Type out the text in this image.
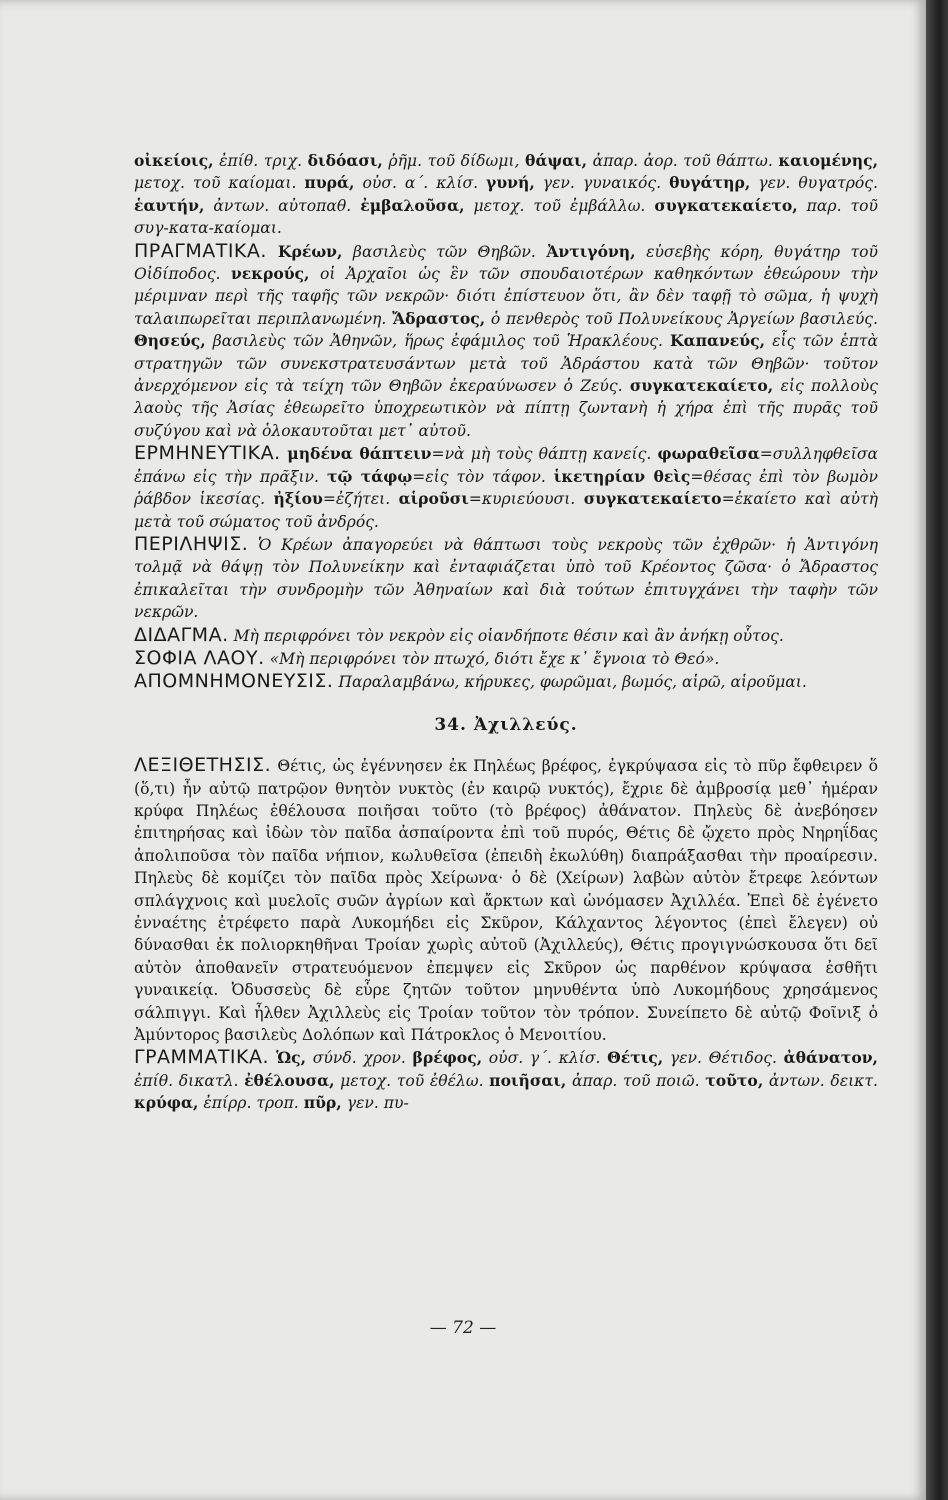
οἰκείοις, ἐπίθ. τριχ. διδόασι, ῥῆμ. τοῦ δίδωμι, θάψαι, ἀπαρ. ἀορ. τοῦ θάπτω. καιομένης, μετοχ. τοῦ καίομαι. πυρά, οὐσ. α΄. κλίσ. γυνή, γεν. γυναικός. θυγάτηρ, γεν. θυγατρός. ἑαυτήν, ἀντων. αὐτοπαθ. ἐμβαλοῦσα, μετοχ. τοῦ ἐμβάλλω. συγκατεκαίετο, παρ. τοῦ συγ-κατα-καίομαι.

ΠΡΑΓΜΑΤΙΚΑ. Κρέων, βασιλεὺς τῶν Θηβῶν. Ἀντιγόνη, εὐσεβὴς κόρη, θυγάτηρ τοῦ Οἰδίποδος. νεκρούς, οἱ Ἀρχαῖοι ὡς ἓν τῶν σπουδαιοτέρων καθηκόντων ἐθεώρουν τὴν μέριμναν περὶ τῆς ταφῆς τῶν νεκρῶν· διότι ἐπίστευον ὅτι, ἂν δὲν ταφῇ τὸ σῶμα, ἡ ψυχὴ ταλαιπωρεῖται περιπλανωμένη. Ἄδραστος, ὁ πενθερὸς τοῦ Πολυνείκους Ἀργείων βασιλεύς. Θησεύς, βασιλεὺς τῶν Ἀθηνῶν, ἥρως ἐφάμιλος τοῦ Ἡρακλέους. Καπανεύς, εἷς τῶν ἑπτὰ στρατηγῶν τῶν συνεκστρατευσάντων μετὰ τοῦ Ἀδράστου κατὰ τῶν Θηβῶν· τοῦτον ἀνερχόμενον εἰς τὰ τείχη τῶν Θηβῶν ἐκεραύνωσεν ὁ Ζεύς. συγκατεκαίετο, εἰς πολλοὺς λαοὺς τῆς Ἀσίας ἐθεωρεῖτο ὑποχρεωτικὸν νὰ πίπτῃ ζωντανὴ ἡ χήρα ἐπὶ τῆς πυρᾶς τοῦ συζύγου καὶ νὰ ὁλοκαυτοῦται μετ᾽ αὐτοῦ.

ΕΡΜΗΝΕΥΤΙΚΑ. μηδένα θάπτειν=νὰ μὴ τοὺς θάπτῃ κανείς. φωραθεῖσα=συλληφθεῖσα ἐπάνω εἰς τὴν πρᾶξιν. τῷ τάφῳ=εἰς τὸν τάφον. ἱκετηρίαν θεὶς=θέσας ἐπὶ τὸν βωμὸν ῥάβδον ἱκεσίας. ἠξίου=ἐζήτει. αἱροῦσι=κυριεύουσι. συγκατεκαίετο=ἐκαίετο καὶ αὐτὴ μετὰ τοῦ σώματος τοῦ ἀνδρός.

ΠΕΡΙΛΗΨΙΣ. Ὁ Κρέων ἀπαγορεύει νὰ θάπτωσι τοὺς νεκροὺς τῶν ἐχθρῶν· ἡ Ἀντιγόνη τολμᾷ νὰ θάψῃ τὸν Πολυνείκην καὶ ἐνταφιάζεται ὑπὸ τοῦ Κρέοντος ζῶσα· ὁ Ἄδραστος ἐπικαλεῖται τὴν συνδρομὴν τῶν Ἀθηναίων καὶ διὰ τούτων ἐπιτυγχάνει τὴν ταφὴν τῶν νεκρῶν.

ΔΙΔΑΓΜΑ. Μὴ περιφρόνει τὸν νεκρὸν εἰς οἱανδήποτε θέσιν καὶ ἂν ἀνήκῃ οὗτος.

ΣΟΦΙΑ ΛΑΟΥ. «Μὴ περιφρόνει τὸν πτωχό, διότι ἔχε κ᾽ ἔγνοια τὸ Θεό».

ΑΠΟΜΝΗΜΟΝΕΥΣΙΣ. Παραλαμβάνω, κήρυκες, φωρῶμαι, βωμός, αἱρῶ, αἱροῦμαι.

34. Ἀχιλλεύς.

ΛΕΞΙΘΕΤΗΣΙΣ. Θέτις, ὡς ἐγέννησεν ἐκ Πηλέως βρέφος, ἐγκρύψασα εἰς τὸ πῦρ ἔφθειρεν ὅ (ὅ,τι) ἦν αὐτῷ πατρῷον θνητὸν νυκτὸς (ἐν καιρῷ νυκτός), ἔχριε δὲ ἀμβροσίᾳ μεθ᾽ ἡμέραν κρύφα Πηλέως ἐθέλουσα ποιῆσαι τοῦτο (τὸ βρέφος) ἀθάνατον. Πηλεὺς δὲ ἀνεβόησεν ἐπιτηρήσας καὶ ἰδὼν τὸν παῖδα ἀσπαίροντα ἐπὶ τοῦ πυρός, Θέτις δὲ ᾤχετο πρὸς Νηρηΐδας ἀπολιποῦσα τὸν παῖδα νήπιον, κωλυθεῖσα (ἐπειδὴ ἐκωλύθη) διαπράξασθαι τὴν προαίρεσιν. Πηλεὺς δὲ κομίζει τὸν παῖδα πρὸς Χείρωνα· ὁ δὲ (Χείρων) λαβὼν αὐτὸν ἔτρεφε λεόντων σπλάγχνοις καὶ μυελοῖς συῶν ἀγρίων καὶ ἄρκτων καὶ ὠνόμασεν Ἀχιλλέα. Ἐπεὶ δὲ ἐγένετο ἐνναέτης ἐτρέφετο παρὰ Λυκομήδει εἰς Σκῦρον, Κάλχαντος λέγοντος (ἐπεὶ ἔλεγεν) οὐ δύνασθαι ἐκ πολιορκηθῆναι Τροίαν χωρὶς αὐτοῦ (Ἀχιλλεύς), Θέτις προγιγνώσκουσα ὅτι δεῖ αὐτὸν ἀποθανεῖν στρατευόμενον ἐπεμψεν εἰς Σκῦρον ὡς παρθένον κρύψασα ἐσθῆτι γυναικείᾳ. Ὀδυσσεὺς δὲ εὗρε ζητῶν τοῦτον μηνυθέντα ὑπὸ Λυκομήδους χρησάμενος σάλπιγγι. Καὶ ἦλθεν Ἀχιλλεὺς εἰς Τροίαν τοῦτον τὸν τρόπον. Συνείπετο δὲ αὐτῷ Φοῖνιξ ὁ Ἀμύντορος βασιλεὺς Δολόπων καὶ Πάτροκλος ὁ Μενοιτίου.

ΓΡΑΜΜΑΤΙΚΑ. Ὡς, σύνδ. χρον. βρέφος, οὐσ. γ΄. κλίσ. Θέτις, γεν. Θέτιδος. ἀθάνατον, ἐπίθ. δικατλ. ἐθέλουσα, μετοχ. τοῦ ἐθέλω. ποιῆσαι, ἀπαρ. τοῦ ποιῶ. τοῦτο, ἀντων. δεικτ. κρύφα, ἐπίρρ. τροπ. πῦρ, γεν. πυ-

— 72 —
